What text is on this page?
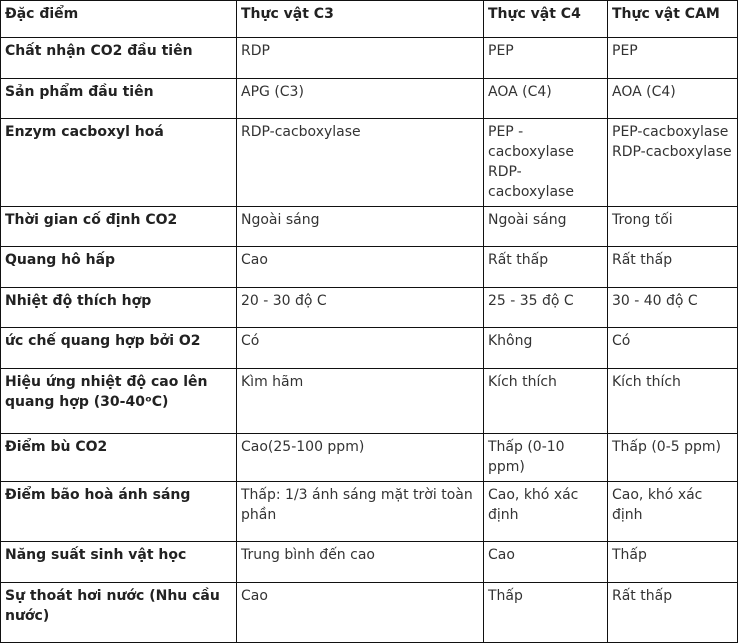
Đặc điểm	Thực vật C3	Thực vật C4	Thực vật CAM
Chất nhận CO2 đầu tiên	RDP	PEP	PEP
Sản phẩm đầu tiên	APG (C3)	AOA (C4)	AOA (C4)
Enzym cacboxyl hoá	RDP-cacboxylase	PEP - cacboxylase RDP-cacboxylase	PEP-cacboxylase RDP-cacboxylase
Thời gian cố định CO2	Ngoài sáng	Ngoài sáng	Trong tối
Quang hô hấp	Cao	Rất thấp	Rất thấp
Nhiệt độ thích hợp	20 - 30 độ C	25 - 35 độ C	30 - 40 độ C
ức chế quang hợp bởi O2	Có	Không	Có
Hiệu ứng nhiệt độ cao lên quang hợp (30-40ᵒC)	Kìm hãm	Kích thích	Kích thích
Điểm bù CO2	Cao(25-100 ppm)	Thấp (0-10 ppm)	Thấp (0-5 ppm)
Điểm bão hoà ánh sáng	Thấp: 1/3 ánh sáng mặt trời toàn phần	Cao, khó xác định	Cao, khó xác định
Năng suất sinh vật học	Trung bình đến cao	Cao	Thấp
Sự thoát hơi nước (Nhu cầu nước)	Cao	Thấp	Rất thấp
